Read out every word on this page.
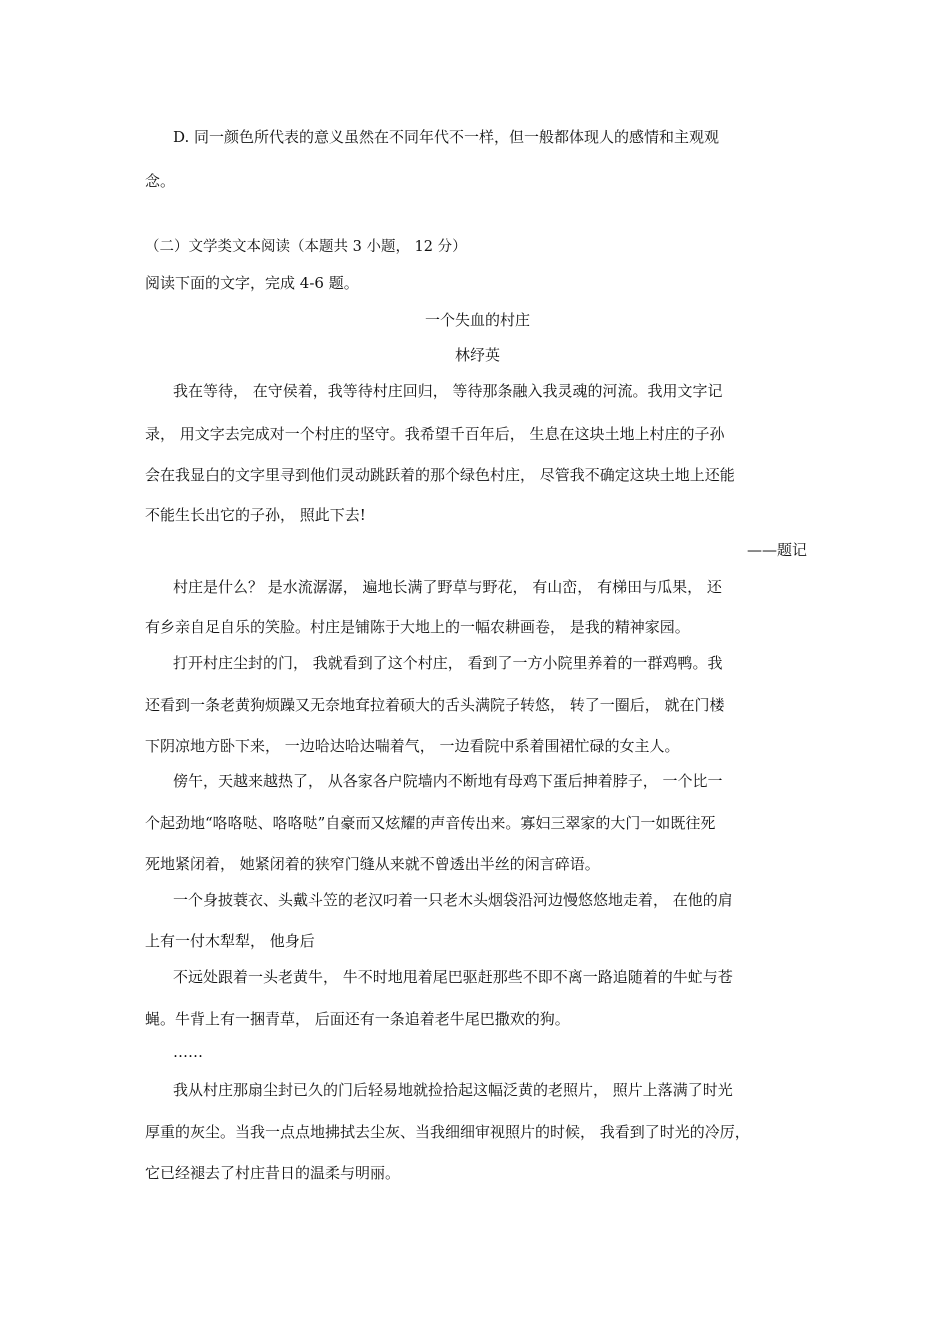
D. 同一颜色所代表的意义虽然在不同年代不一样，但一般都体现人的感情和主观观

念。

（二）文学类文本阅读（本题共 3 小题， 12 分）

阅读下面的文字，完成 4-6 题。

一个失血的村庄

林纾英

我在等待， 在守侯着，我等待村庄回归， 等待那条融入我灵魂的河流。我用文字记

录， 用文字去完成对一个村庄的坚守。我希望千百年后， 生息在这块土地上村庄的子孙

会在我显白的文字里寻到他们灵动跳跃着的那个绿色村庄， 尽管我不确定这块土地上还能

不能生长出它的子孙， 照此下去!

——题记

村庄是什么？ 是水流潺潺， 遍地长满了野草与野花， 有山峦， 有梯田与瓜果， 还

有乡亲自足自乐的笑脸。村庄是铺陈于大地上的一幅农耕画卷， 是我的精神家园。

打开村庄尘封的门， 我就看到了这个村庄， 看到了一方小院里养着的一群鸡鸭。我

还看到一条老黄狗烦躁又无奈地耷拉着硕大的舌头满院子转悠， 转了一圈后， 就在门楼

下阴凉地方卧下来， 一边哈达哈达喘着气， 一边看院中系着围裙忙碌的女主人。

傍午，天越来越热了， 从各家各户院墙内不断地有母鸡下蛋后抻着脖子， 一个比一

个起劲地“咯咯哒、咯咯哒”自豪而又炫耀的声音传出来。寡妇三翠家的大门一如既往死

死地紧闭着， 她紧闭着的狭窄门缝从来就不曾透出半丝的闲言碎语。

一个身披蓑衣、头戴斗笠的老汉叼着一只老木头烟袋沿河边慢悠悠地走着， 在他的肩

上有一付木犁犁， 他身后

不远处跟着一头老黄牛， 牛不时地甩着尾巴驱赶那些不即不离一路追随着的牛虻与苍

蝇。牛背上有一捆青草， 后面还有一条追着老牛尾巴撒欢的狗。

……

我从村庄那扇尘封已久的门后轻易地就捡拾起这幅泛黄的老照片， 照片上落满了时光

厚重的灰尘。当我一点点地拂拭去尘灰、当我细细审视照片的时候， 我看到了时光的冷厉，

它已经褪去了村庄昔日的温柔与明丽。
